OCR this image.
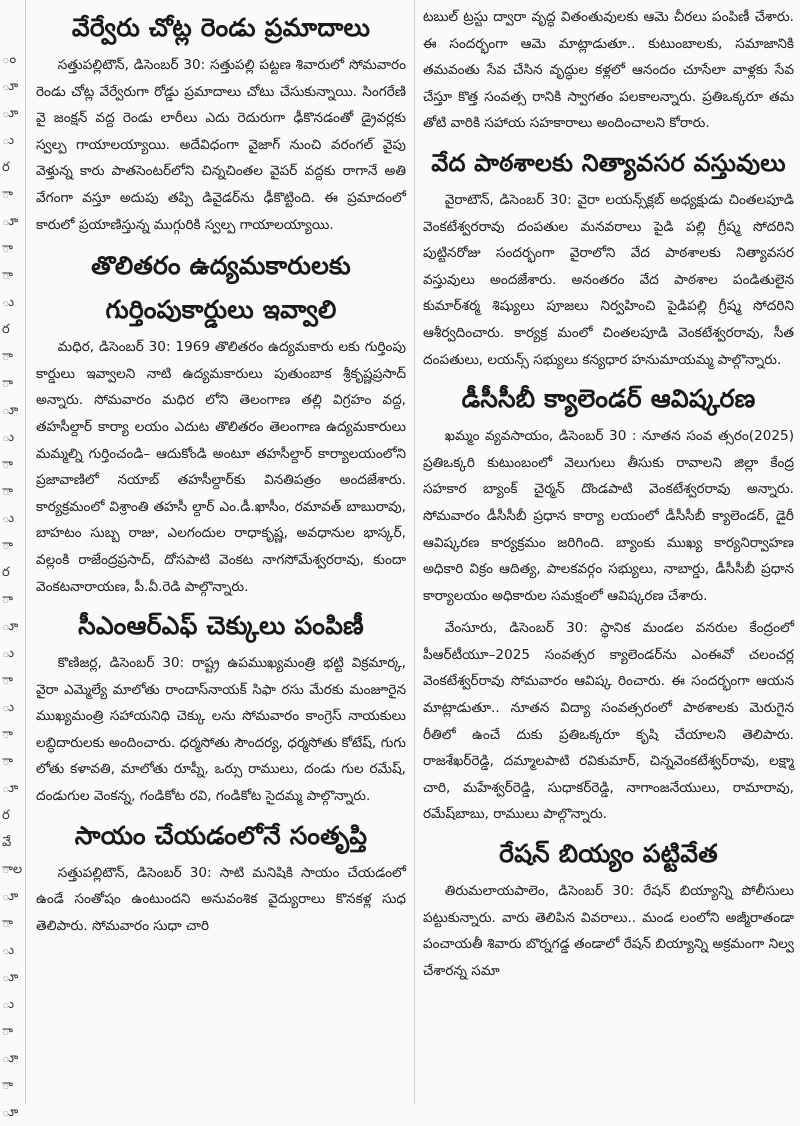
ం
ూ
ూ
ు
ర
ా
ూ
ా
ా
ు
ర
ా
ా
ూ
ు
ా
ా
ు
ా
ర
ా
ూ
ు
ా
ు
ా
ా
ూ
ర
వే
ాల
ూ
ా
ు
ూ
ు
ా
ూ
ా
ూ
వేర్వేరు చోట్ల రెండు ప్రమాదాలు

సత్తుపల్లిటౌన్, డిసెంబర్ 30: సత్తుపల్లి పట్టణ శివారులో సోమవారం రెండు చోట్ల వేర్వేరుగా రోడ్డు ప్రమాదాలు చోటు చేసుకున్నాయి. సింగరేణి వై జంక్షన్ వద్ద రెండు లారీలు ఎదు రెదురుగా ఢీకొనడంతో డ్రైవర్లకు స్వల్ప గాయాలయ్యాయి. అదేవిధంగా వైజాగ్ నుంచి వరంగల్ వైపు వెళ్తున్న కారు పాతసెంటర్‌లోని చిన్నచింతల వైపర్ వద్దకు రాగానే అతి వేగంగా వస్తూ అదుపు తప్పి డివైడర్‌ను ఢీకొట్టింది. ఈ ప్రమాదంలో కారులో ప్రయాణిస్తున్న ముగ్గురికి స్వల్ప గాయాలయ్యాయి.

తొలితరం ఉద్యమకారులకు
గుర్తింపుకార్డులు ఇవ్వాలి

మధిర, డిసెంబర్ 30: 1969 తొలితరం ఉద్యమకారు లకు గుర్తింపు కార్డులు ఇవ్వాలని నాటి ఉద్యమకారులు పుతుంబాక శ్రీకృష్ణప్రసాద్ అన్నారు. సోమవారం మధిర లోని తెలంగాణ తల్లి విగ్రహం వద్ద, తహసీల్దార్ కార్యా లయం ఎదుట తొలితరం తెలంగాణ ఉద్యమకారులు మమ్మల్ని గుర్తించండి– ఆదుకోండి అంటూ తహసీల్దార్ కార్యాలయంలోని ప్రజావాణిలో నయాబ్ తహసీల్దార్‌కు వినతిపత్రం అందజేశారు. కార్యక్రమంలో విశ్రాంతి తహసీ ల్దార్ ఎం.డీ.ఖాసీం, రమావత్ బాబురావు, బాహటం సుబ్బ రాజు, ఎలగందుల రాధాకృష్ణ, అవధానుల భాస్కర్, వల్లంకి రాజేంద్రప్రసాద్, దోసపాటి వెంకట నాగసోమేశ్వరరావు, కుందా వెంకటనారాయణ, పీ.వీ.రెడి పాల్గొన్నారు.

సీఎంఆర్ఎఫ్ చెక్కులు పంపిణీ

కొణిజర్ల, డిసెంబర్ 30: రాష్ట్ర ఉపముఖ్యమంత్రి భట్టి విక్రమార్క, వైరా ఎమ్మెల్యే మాలోతు రాందాస్‌నాయక్ సిఫా రసు మేరకు మంజూరైన ముఖ్యమంత్రి సహాయనిధి చెక్కు లను సోమవారం కాంగ్రెస్ నాయకులు లబ్ధిదారులకు అందించారు. ధర్మసోతు సౌందర్య, ధర్మసోతు కోటేష్, గుగు లోతు కళావతి, మాలోతు రూప్నీ, ఒర్సు రాములు, దండు గుల రమేష్, దండుగుల వెంకన్న, గండికోట రవి, గండికోట సైదమ్మ పాల్గొన్నారు.

సాయం చేయడంలోనే సంతృప్తి

సత్తుపల్లిటౌన్, డిసెంబర్ 30: సాటి మనిషికి సాయం చేయడంలో ఉండే సంతోషం ఉంటుందని అనువంశిక వైద్యురాలు కొనకళ్ల సుధ తెలిపారు. సోమవారం సుధా చారి

టబుల్ ట్రస్టు ద్వారా వృద్ధ వితంతువులకు ఆమె చీరలు పంపిణీ చేశారు. ఈ సందర్భంగా ఆమె మాట్లాడుతూ.. కుటుంబాలకు, సమాజానికి తమవంతు సేవ చేసిన వృద్ధుల కళ్లలో ఆనందం చూసేలా వాళ్లకు సేవ చేస్తూ కొత్త సంవత్స రానికి స్వాగతం పలకాలన్నారు. ప్రతిఒక్కరూ తమ తోటి వారికి సహాయ సహకారాలు అందించాలని కోరారు.

వేద పాఠశాలకు నిత్యావసర వస్తువులు

వైరాటౌన్, డిసెంబర్ 30: వైరా లయన్స్‌క్లబ్ అధ్యక్షుడు చింతలపూడి వెంకటేశ్వరరావు దంపతుల మనవరాలు పైడి పల్లి గ్రీష్మ సోదరిని పుట్టినరోజు సందర్భంగా వైరాలోని వేద పాఠశాలకు నిత్యావసర వస్తువులు అందజేశారు. అనంతరం వేద పాఠశాల పండితులైన కుమార్‌శర్మ శిష్యులు పూజలు నిర్వహించి పైడిపల్లి గ్రీష్మ సోదరిని ఆశీర్వదించారు. కార్యక్ర మంలో చింతలపూడి వెంకటేశ్వరరావు, సీత దంపతులు, లయన్స్ సభ్యులు కన్యధార హనుమాయమ్మ పాల్గొన్నారు.

డీసీసీబీ క్యాలెండర్ ఆవిష్కరణ

ఖమ్మం వ్యవసాయం, డిసెంబర్ 30 : నూతన సంవ త్సరం(2025) ప్రతిఒక్కరి కుటుంబంలో వెలుగులు తీసుకు రావాలని జిల్లా కేంద్ర సహకార బ్యాంక్ చైర్మన్ దొండపాటి వెంకటేశ్వరరావు అన్నారు. సోమవారం డీసీసీబీ ప్రధాన కార్యా లయంలో డీసీసీబీ క్యాలెండర్, డైరీ ఆవిష్కరణ కార్యక్రమం జరిగింది. బ్యాంకు ముఖ్య కార్యనిర్వాహణ అధికారి విక్రం ఆదిత్య, పాలకవర్గం సభ్యులు, నాబార్డు, డీసీసీబీ ప్రధాన కార్యాలయం అధికారుల సమక్షంలో ఆవిష్కరణ చేశారు.

వేంసూరు, డిసెంబర్ 30: స్థానిక మండల వనరుల కేంద్రంలో పీఆర్‌టీయూ–2025 సంవత్సర క్యాలెండర్‌ను ఎంఈవో చలంచర్ల వెంకటేశ్వర్‌రావు సోమవారం ఆవిష్క రించారు. ఈ సందర్భంగా ఆయన మాట్లాడుతూ.. నూతన విద్యా సంవత్సరంలో పాఠశాలకు మెరుగైన రీతిలో ఉంచే దుకు ప్రతిఒక్కరూ కృషి చేయాలని తెలిపారు. రాజశేఖర్‌రెడ్డి, దమ్మాలపాటి రవికుమార్, చిన్నవెంకటేశ్వర్‌రావు, లక్ష్మా చారి, మహేశ్వర్‌రెడ్డి, సుధాకర్‌రెడ్డి, నాగాంజనేయులు, రామారావు, రమేష్‌బాబు, రాములు పాల్గొన్నారు.

రేషన్ బియ్యం పట్టివేత

తిరుమలాయపాలెం, డిసెంబర్ 30: రేషన్ బియ్యాన్ని పోలీసులు పట్టుకున్నారు. వారు తెలిపిన వివరాలు.. మండ లంలోని అజ్మీరాతండా పంచాయతీ శివారు బొర్నగడ్డ తండాలో రేషన్ బియ్యాన్ని అక్రమంగా నిల్వ చేశారన్న సమా
